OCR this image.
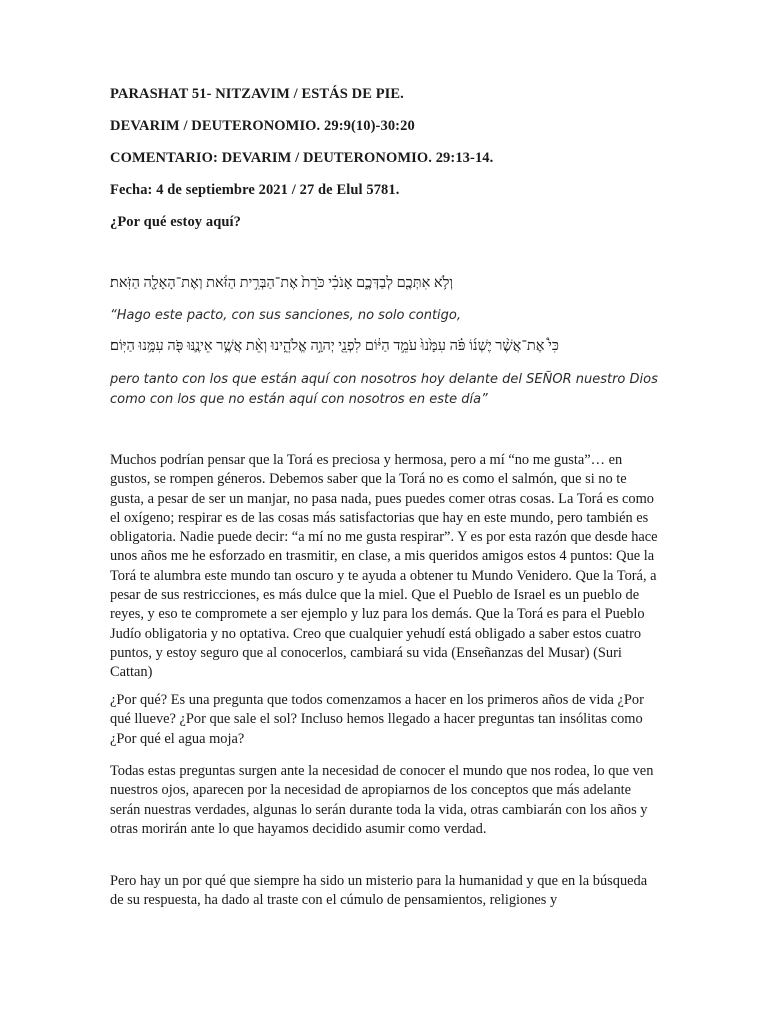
PARASHAT 51- NITZAVIM / ESTÁS DE PIE.
DEVARIM / DEUTERONOMIO. 29:9(10)-30:20
COMENTARIO: DEVARIM / DEUTERONOMIO. 29:13-14.
Fecha: 4 de septiembre 2021 / 27 de Elul 5781.
¿Por qué estoy aquí?
וְלֹ֥א אִתְּכֶ֖ם לְבַדְּכֶ֑ם אָנֹכִ֗י כֹּרֵת֙ אֶת־הַבְּרִ֣ית הַזֹּ֔את וְאֶת־הָאָלָ֖ה הַזֹּֽאת׃
“Hago este pacto, con sus sanciones, no solo contigo,
כִּי֩ אֶת־אֲשֶׁ֨ר יֶשְׁנ֜וֹ פֹּ֗ה עִמָּ֙נוּ֙ עֹמֵ֣ד הַיּ֔וֹם לִפְנֵ֖י יְהוָ֣ה אֱלֹהֵ֑ינוּ וְאֵ֨ת אֲשֶׁ֥ר אֵינֶ֛נּוּ פֹּ֖ה עִמָּ֥נוּ הַיּֽוֹם׃
pero tanto con los que están aquí con nosotros hoy delante del SEÑOR nuestro Dios
como con los que no están aquí con nosotros en este día”
Muchos podrían pensar que la Torá es preciosa y hermosa, pero a mí “no me gusta”… en gustos, se rompen géneros. Debemos saber que la Torá no es como el salmón, que si no te gusta, a pesar de ser un manjar, no pasa nada, pues puedes comer otras cosas. La Torá es como el oxígeno; respirar es de las cosas más satisfactorias que hay en este mundo, pero también es obligatoria. Nadie puede decir: “a mí no me gusta respirar”. Y es por esta razón que desde hace unos años me he esforzado en trasmitir, en clase, a mis queridos amigos estos 4 puntos: Que la Torá te alumbra este mundo tan oscuro y te ayuda a obtener tu Mundo Venidero. Que la Torá, a pesar de sus restricciones, es más dulce que la miel. Que el Pueblo de Israel es un pueblo de reyes, y eso te compromete a ser ejemplo y luz para los demás. Que la Torá es para el Pueblo Judío obligatoria y no optativa. Creo que cualquier yehudí está obligado a saber estos cuatro puntos, y estoy seguro que al conocerlos, cambiará su vida (Enseñanzas del Musar) (Suri Cattan)
¿Por qué? Es una pregunta que todos comenzamos a hacer en los primeros años de vida ¿Por qué llueve? ¿Por que sale el sol? Incluso hemos llegado a hacer preguntas tan insólitas como ¿Por qué el agua moja?
Todas estas preguntas surgen ante la necesidad de conocer el mundo que nos rodea, lo que ven nuestros ojos, aparecen por la necesidad de apropiarnos de los conceptos que más adelante serán nuestras verdades, algunas lo serán durante toda la vida, otras cambiarán con los años y otras morirán ante lo que hayamos decidido asumir como verdad.
Pero hay un por qué que siempre ha sido un misterio para la humanidad y que en la búsqueda de su respuesta, ha dado al traste con el cúmulo de pensamientos, religiones y
